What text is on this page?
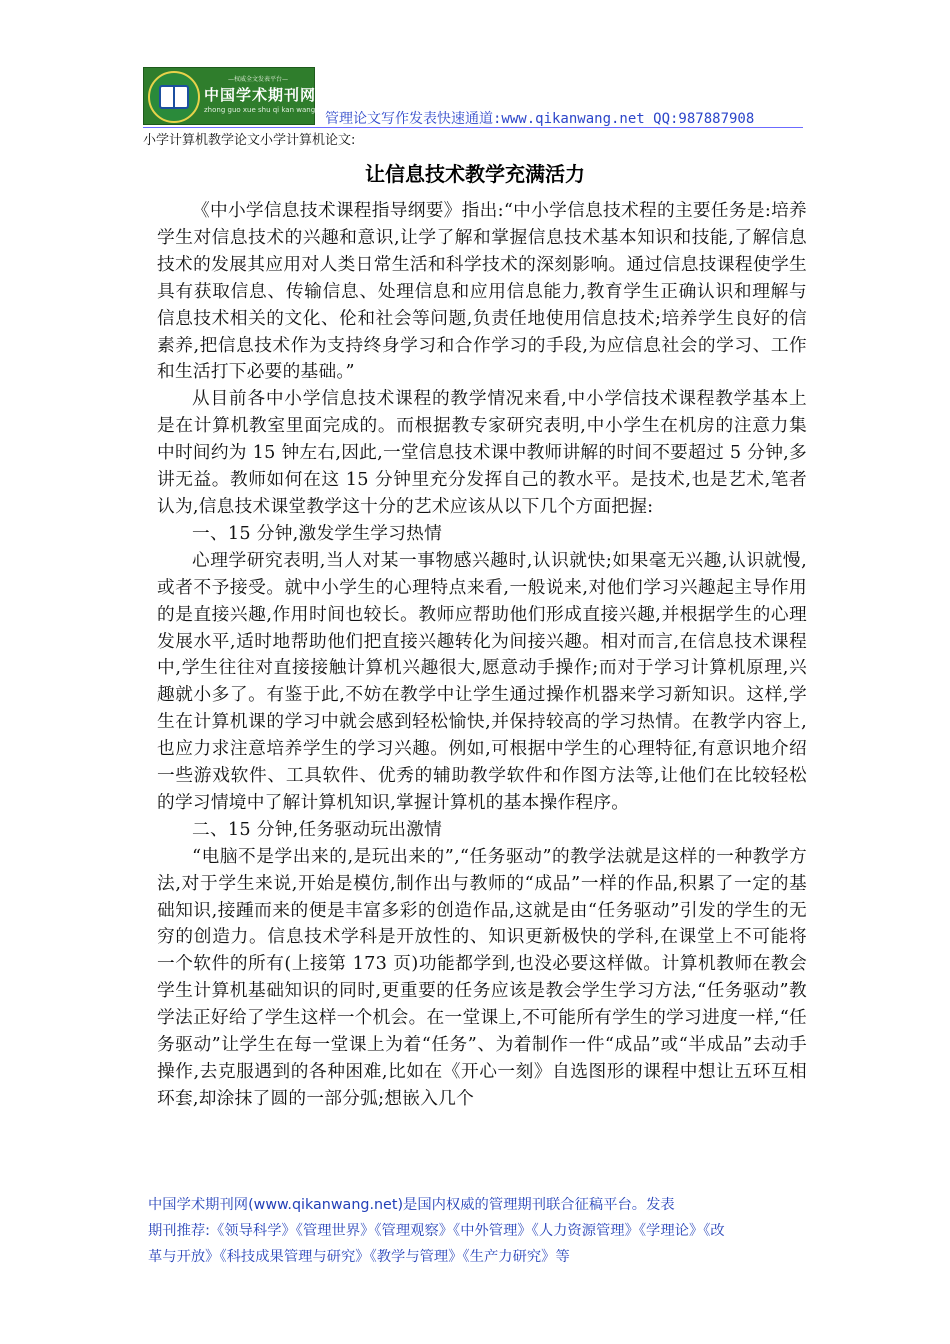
—权威全文发表平台—
中国学术期刊网
zhong guo xue shu qi kan wang
管理论文写作发表快速通道:www.qikanwang.net QQ:987887908
小学计算机教学论文小学计算机论文:
让信息技术教学充满活力

《中小学信息技术课程指导纲要》指出:“中小学信息技术程的主要任务是:培养学生对信息技术的兴趣和意识,让学了解和掌握信息技术基本知识和技能,了解信息技术的发展其应用对人类日常生活和科学技术的深刻影响。通过信息技课程使学生具有获取信息、传输信息、处理信息和应用信息能力,教育学生正确认识和理解与信息技术相关的文化、伦和社会等问题,负责任地使用信息技术;培养学生良好的信素养,把信息技术作为支持终身学习和合作学习的手段,为应信息社会的学习、工作和生活打下必要的基础。”

从目前各中小学信息技术课程的教学情况来看,中小学信技术课程教学基本上是在计算机教室里面完成的。而根据教专家研究表明,中小学生在机房的注意力集中时间约为 15 钟左右,因此,一堂信息技术课中教师讲解的时间不要超过 5 分钟,多讲无益。教师如何在这 15 分钟里充分发挥自己的教水平。是技术,也是艺术,笔者认为,信息技术课堂教学这十分的艺术应该从以下几个方面把握:

一、15 分钟,激发学生学习热情

心理学研究表明,当人对某一事物感兴趣时,认识就快;如果毫无兴趣,认识就慢,或者不予接受。就中小学生的心理特点来看,一般说来,对他们学习兴趣起主导作用的是直接兴趣,作用时间也较长。教师应帮助他们形成直接兴趣,并根据学生的心理发展水平,适时地帮助他们把直接兴趣转化为间接兴趣。相对而言,在信息技术课程中,学生往往对直接接触计算机兴趣很大,愿意动手操作;而对于学习计算机原理,兴趣就小多了。有鉴于此,不妨在教学中让学生通过操作机器来学习新知识。这样,学生在计算机课的学习中就会感到轻松愉快,并保持较高的学习热情。在教学内容上,也应力求注意培养学生的学习兴趣。例如,可根据中学生的心理特征,有意识地介绍一些游戏软件、工具软件、优秀的辅助教学软件和作图方法等,让他们在比较轻松的学习情境中了解计算机知识,掌握计算机的基本操作程序。

二、15 分钟,任务驱动玩出激情

“电脑不是学出来的,是玩出来的”,“任务驱动”的教学法就是这样的一种教学方法,对于学生来说,开始是模仿,制作出与教师的“成品”一样的作品,积累了一定的基础知识,接踵而来的便是丰富多彩的创造作品,这就是由“任务驱动”引发的学生的无穷的创造力。信息技术学科是开放性的、知识更新极快的学科,在课堂上不可能将一个软件的所有(上接第 173 页)功能都学到,也没必要这样做。计算机教师在教会学生计算机基础知识的同时,更重要的任务应该是教会学生学习方法,“任务驱动”教学法正好给了学生这样一个机会。在一堂课上,不可能所有学生的学习进度一样,“任务驱动”让学生在每一堂课上为着“任务”、为着制作一件“成品”或“半成品”去动手操作,去克服遇到的各种困难,比如在《开心一刻》自选图形的课程中想让五环互相环套,却涂抹了圆的一部分弧;想嵌入几个

中国学术期刊网(www.qikanwang.net)是国内权威的管理期刊联合征稿平台。发表

期刊推荐:《领导科学》《管理世界》《管理观察》《中外管理》《人力资源管理》《学理论》《改

革与开放》《科技成果管理与研究》《教学与管理》《生产力研究》等
